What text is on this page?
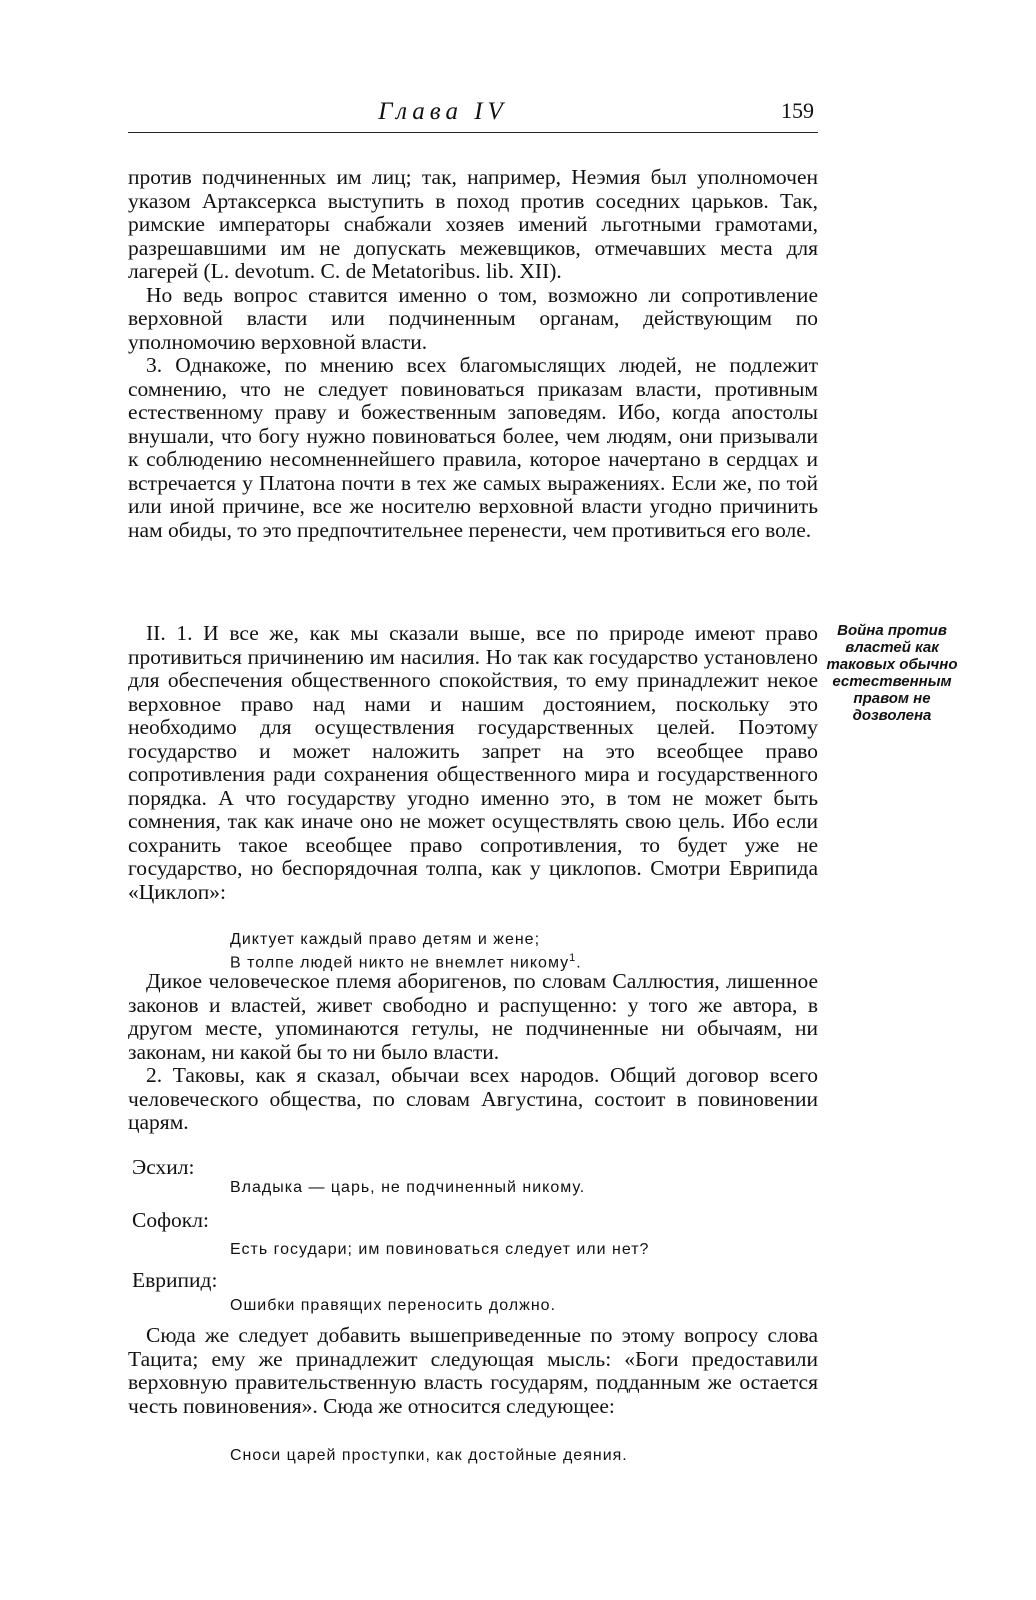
Глава IV	159

против подчиненных им лиц; так, например, Неэмия был уполномочен указом Артаксеркса выступить в поход против соседних царьков. Так, римские императоры снабжали хозяев имений льготными грамотами, разрешавшими им не допускать межевщиков, отмечавших места для лагерей (L. devotum. C. de Metatoribus. lib. XII).

Но ведь вопрос ставится именно о том, возможно ли сопротивление верховной власти или подчиненным органам, действующим по уполномочию верховной власти.

3. Однакоже, по мнению всех благомыслящих людей, не подлежит сомнению, что не следует повиноваться приказам власти, противным естественному праву и божественным заповедям. Ибо, когда апостолы внушали, что богу нужно повиноваться более, чем людям, они призывали к соблюдению несомненнейшего правила, которое начертано в сердцах и встречается у Платона почти в тех же самых выражениях. Если же, по той или иной причине, все же носителю верховной власти угодно причинить нам обиды, то это предпочтительнее перенести, чем противиться его воле.

II. 1. И все же, как мы сказали выше, все по природе имеют право противиться причинению им насилия. Но так как государство установлено для обеспечения общественного спокойствия, то ему принадлежит некое верховное право над нами и нашим достоянием, поскольку это необходимо для осуществления государственных целей. Поэтому государство и может наложить запрет на это всеобщее право сопротивления ради сохранения общественного мира и государственного порядка. А что государству угодно именно это, в том не может быть сомнения, так как иначе оно не может осуществлять свою цель. Ибо если сохранить такое всеобщее право сопротивления, то будет уже не государство, но беспорядочная толпа, как у циклопов. Смотри Еврипида «Циклоп»:

Война против властей как таковых обычно естественным правом не дозволена

Диктует каждый право детям и жене;

В толпе людей никто не внемлет никому$^1$.

Дикое человеческое племя аборигенов, по словам Саллюстия, лишенное законов и властей, живет свободно и распущенно: у того же автора, в другом месте, упоминаются гетулы, не подчиненные ни обычаям, ни законам, ни какой бы то ни было власти.

2. Таковы, как я сказал, обычаи всех народов. Общий договор всего человеческого общества, по словам Августина, состоит в повиновении царям.

Эсхил:
Владыка — царь, не подчиненный никому.
Софокл:
Есть государи; им повиноваться следует или нет?
Еврипид:
Ошибки правящих переносить должно.

Сюда же следует добавить вышеприведенные по этому вопросу слова Тацита; ему же принадлежит следующая мысль: «Боги предоставили верховную правительственную власть государям, подданным же остается честь повиновения». Сюда же относится следующее:

Сноси царей проступки, как достойные деяния.
